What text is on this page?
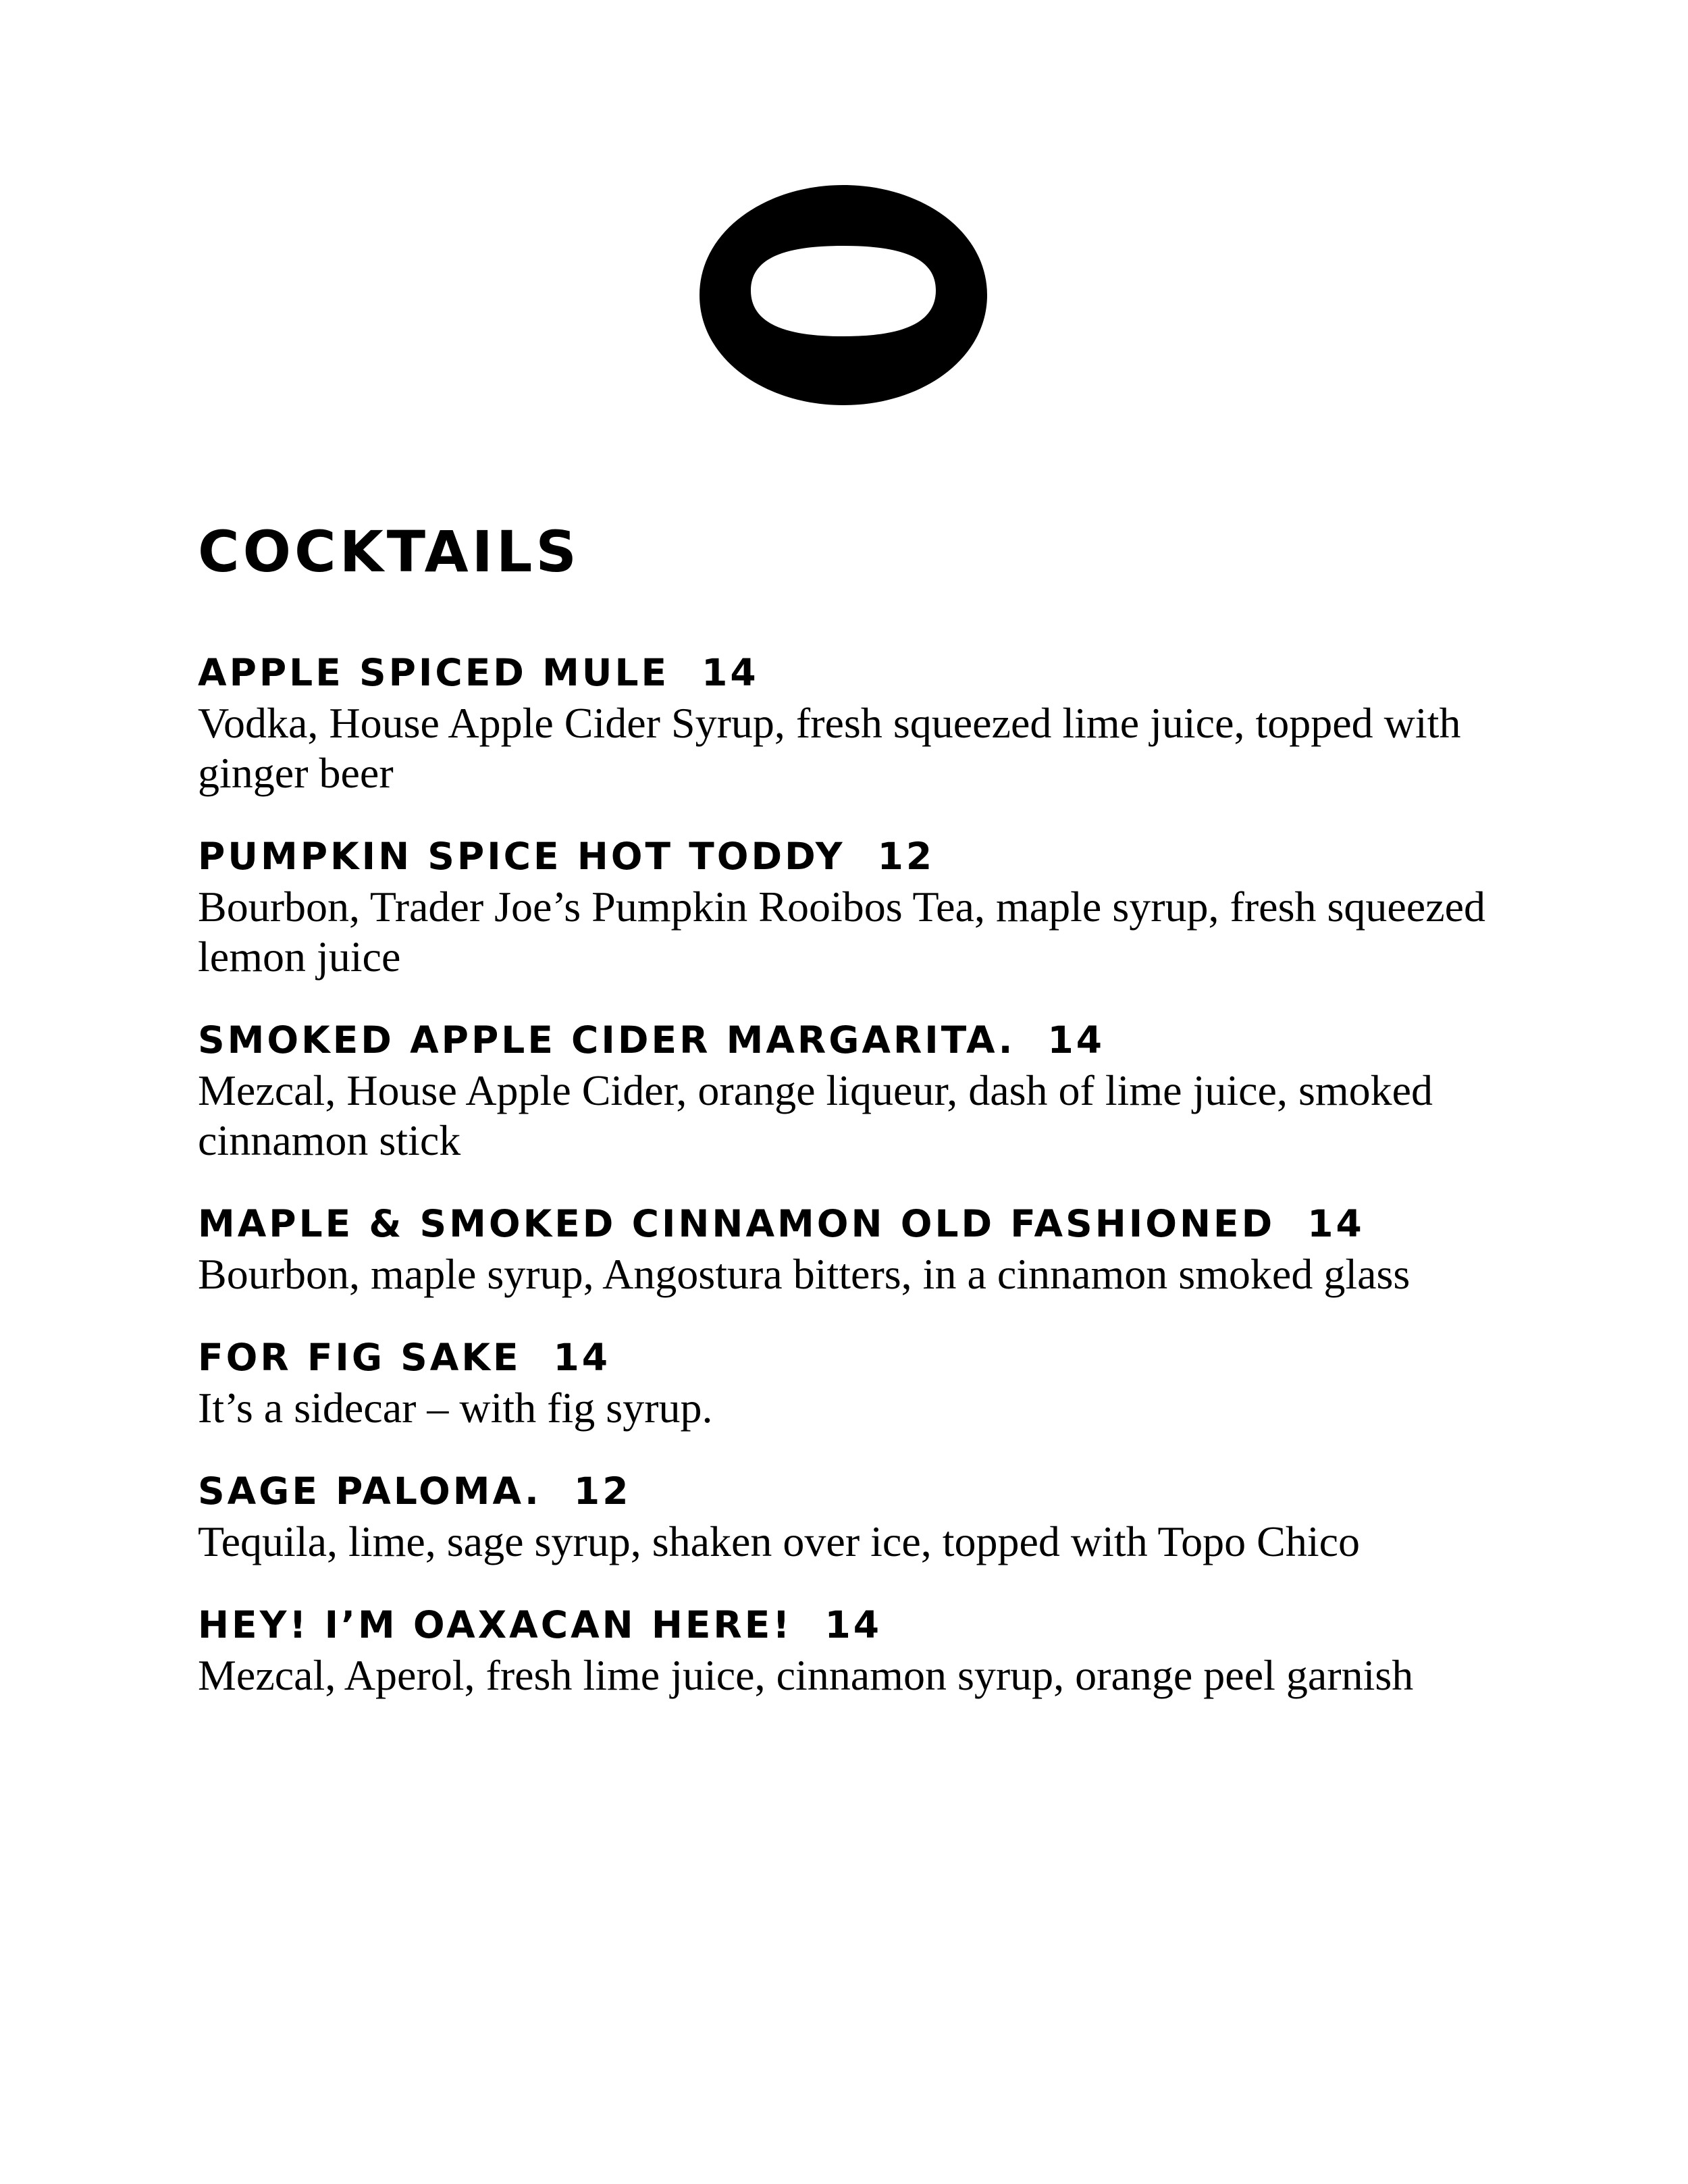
COCKTAILS
APPLE SPICED MULE 14
Vodka, House Apple Cider Syrup, fresh squeezed lime juice, topped with ginger beer
PUMPKIN SPICE HOT TODDY 12
Bourbon, Trader Joe’s Pumpkin Rooibos Tea, maple syrup, fresh squeezed lemon juice
SMOKED APPLE CIDER MARGARITA. 14
Mezcal, House Apple Cider, orange liqueur, dash of lime juice, smoked cinnamon stick
MAPLE & SMOKED CINNAMON OLD FASHIONED 14
Bourbon, maple syrup, Angostura bitters, in a cinnamon smoked glass
FOR FIG SAKE 14
It’s a sidecar – with fig syrup.
SAGE PALOMA. 12
Tequila, lime, sage syrup, shaken over ice, topped with Topo Chico
HEY! I’M OAXACAN HERE! 14
Mezcal, Aperol, fresh lime juice, cinnamon syrup, orange peel garnish
